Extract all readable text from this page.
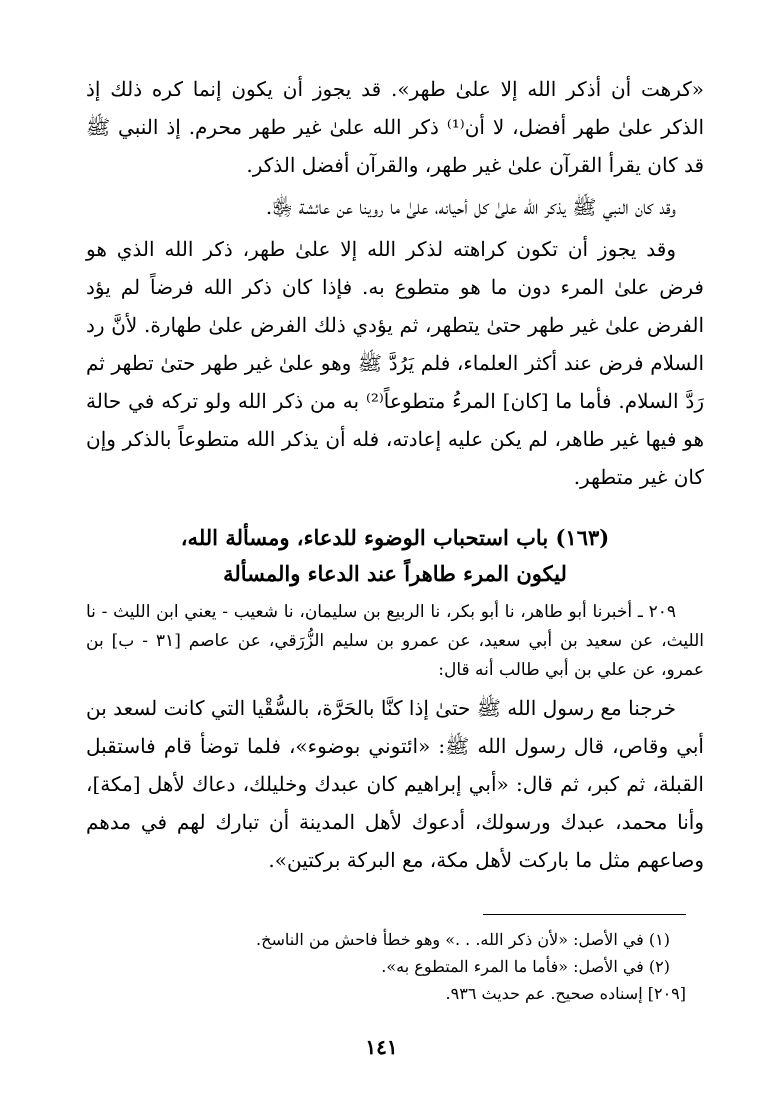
«كرهت أن أذكر الله إلا علىٰ طهر». قد يجوز أن يكون إنما كره ذلك إذ الذكر علىٰ طهر أفضل، لا أن⁽¹⁾ ذكر الله علىٰ غير طهر محرم. إذ النبي ﷺ قد كان يقرأ القرآن علىٰ غير طهر، والقرآن أفضل الذكر.

وقد كان النبي ﷺ يذكر الله علىٰ كل أحيانه، علىٰ ما روينا عن عائشة ﵂.

وقد يجوز أن تكون كراهته لذكر الله إلا علىٰ طهر، ذكر الله الذي هو فرض علىٰ المرء دون ما هو متطوع به. فإذا كان ذكر الله فرضاً لم يؤد الفرض علىٰ غير طهر حتىٰ يتطهر، ثم يؤدي ذلك الفرض علىٰ طهارة. لأنَّ رد السلام فرض عند أكثر العلماء، فلم يَرُدَّ ﷺ وهو علىٰ غير طهر حتىٰ تطهر ثم رَدَّ السلام. فأما ما [كان] المرءُ متطوعاً⁽²⁾ به من ذكر الله ولو تركه في حالة هو فيها غير طاهر، لم يكن عليه إعادته، فله أن يذكر الله متطوعاً بالذكر وإن كان غير متطهر.

(١٦٣) باب استحباب الوضوء للدعاء، ومسألة الله،
ليكون المرء طاهراً عند الدعاء والمسألة

٢٠٩ ـ أخبرنا أبو طاهر، نا أبو بكر، نا الربيع بن سليمان، نا شعيب - يعني ابن الليث - نا الليث، عن سعيد بن أبي سعيد، عن عمرو بن سليم الزُّرَقي، عن عاصم [٣١ - ب] بن عمرو، عن علي بن أبي طالب أنه قال:

خرجنا مع رسول الله ﷺ حتىٰ إذا كنَّا بالحَرَّة، بالسُّقْيا التي كانت لسعد بن أبي وقاص، قال رسول الله ﷺ: «ائتوني بوضوء»، فلما توضأ قام فاستقبل القبلة، ثم كبر، ثم قال: «أبي إبراهيم كان عبدك وخليلك، دعاك لأهل [مكة]، وأنا محمد، عبدك ورسولك، أدعوك لأهل المدينة أن تبارك لهم في مدهم وصاعهم مثل ما باركت لأهل مكة، مع البركة بركتين».

(١) في الأصل: «لأن ذكر الله. . .» وهو خطأ فاحش من الناسخ.
(٢) في الأصل: «فأما ما المرء المتطوع به».
[٢٠٩] إسناده صحيح. عم حديث ٩٣٦.
١٤١
